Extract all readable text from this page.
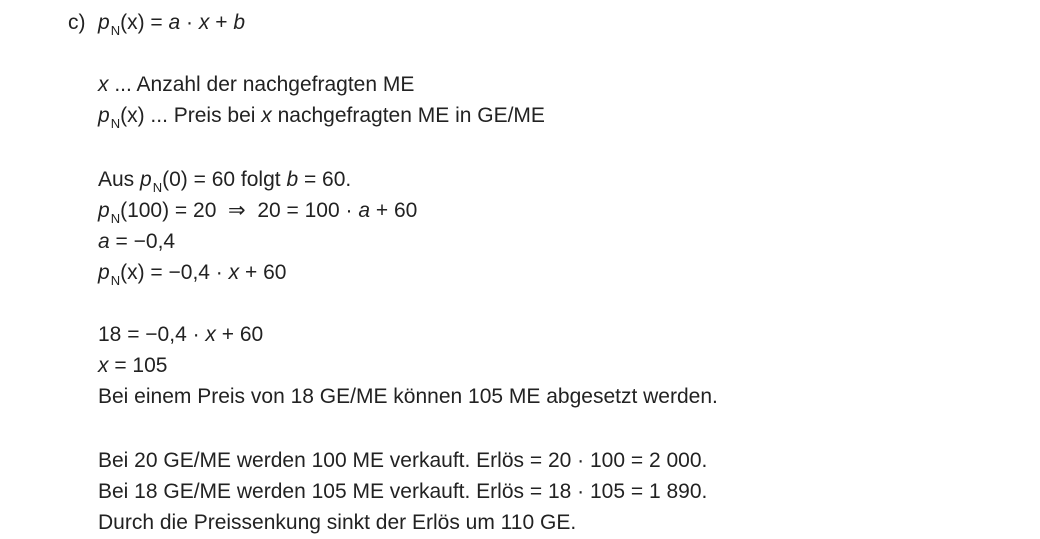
c) $p_N(x) = a \cdot x + b$
x ... Anzahl der nachgefragten ME
$p_N(x)$ ... Preis bei x nachgefragten ME in GE/ME
Aus $p_N(0) = 60$ folgt b = 60.
$p_N(100) = 20$  ⇒  20 = 100 · a + 60
a = −0,4
$p_N(x) = -0,4 \cdot x + 60$
18 = −0,4 · x + 60
x = 105
Bei einem Preis von 18 GE/ME können 105 ME abgesetzt werden.
Bei 20 GE/ME werden 100 ME verkauft. Erlös = 20 · 100 = 2 000.
Bei 18 GE/ME werden 105 ME verkauft. Erlös = 18 · 105 = 1 890.
Durch die Preissenkung sinkt der Erlös um 110 GE.
